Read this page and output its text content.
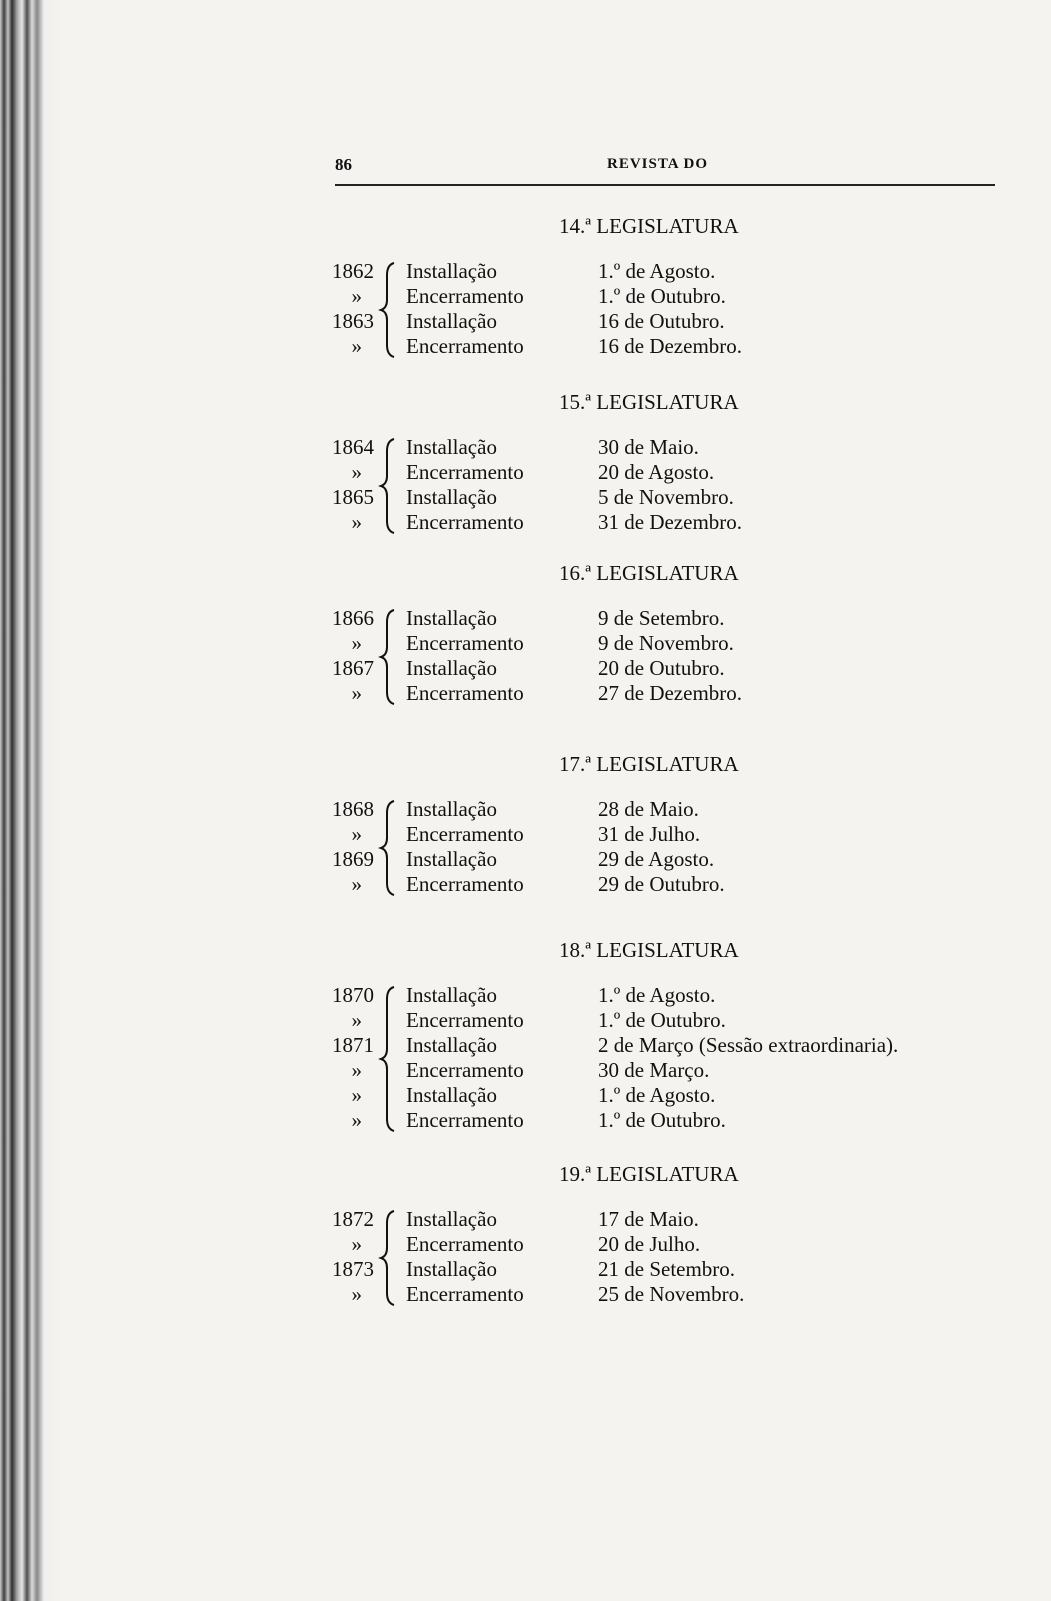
86	REVISTA DO
14.ª LEGISLATURA
1862 Installação	1.º de Agosto.
»	Encerramento	1.º de Outubro.
1863 Installação	16 de Outubro.
»	Encerramento	16 de Dezembro.
15.ª LEGISLATURA
1864 Installação	30 de Maio.
»	Encerramento	20 de Agosto.
1865 Installação	5 de Novembro.
»	Encerramento	31 de Dezembro.
16.ª LEGISLATURA
1866 Installação	9 de Setembro.
»	Encerramento	9 de Novembro.
1867 Installação	20 de Outubro.
»	Encerramento	27 de Dezembro.
17.ª LEGISLATURA
1868 Installação	28 de Maio.
»	Encerramento	31 de Julho.
1869 Installação	29 de Agosto.
»	Encerramento	29 de Outubro.
18.ª LEGISLATURA
1870 Installação	1.º de Agosto.
»	Encerramento	1.º de Outubro.
1871 Installação	2 de Março (Sessão extraordinaria).
»	Encerramento	30 de Março.
»	Installação	1.º de Agosto.
»	Encerramento	1.º de Outubro.
19.ª LEGISLATURA
1872 Installação	17 de Maio.
»	Encerramento	20 de Julho.
1873 Installação	21 de Setembro.
»	Encerramento	25 de Novembro.
